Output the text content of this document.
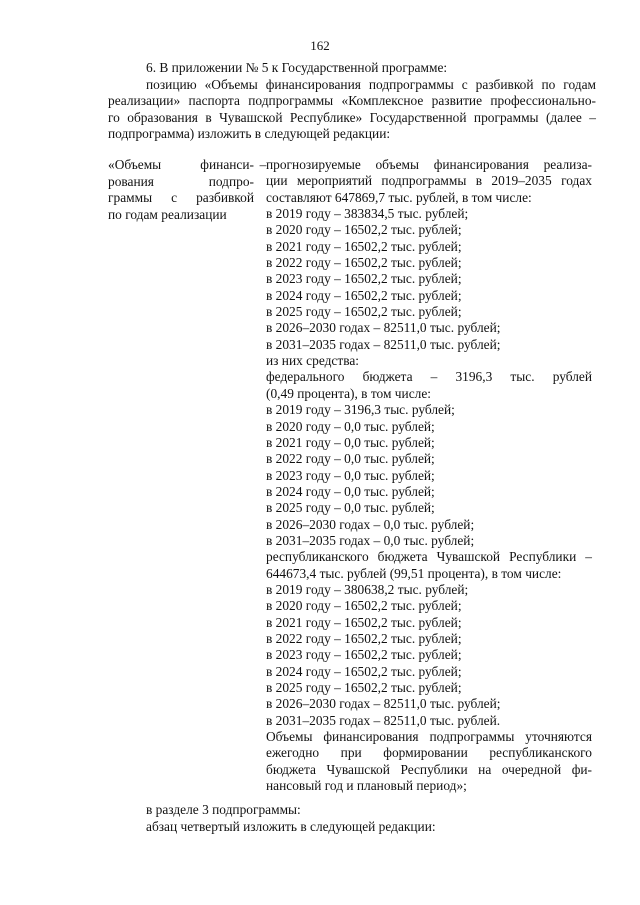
162

6. В приложении № 5 к Государственной программе:

позицию «Объемы финансирования подпрограммы с разбивкой по годам

реализации» паспорта подпрограммы «Комплексное развитие профессионально-

го образования в Чувашской Республике» Государственной программы (далее –

подпрограмма) изложить в следующей редакции:

«Объемы финанси-
рования подпро-
граммы с разбивкой
по годам реализации
– прогнозируемые объемы финансирования реализа-
ции мероприятий подпрограммы в 2019–2035 годах
составляют 647869,7 тыс. рублей, в том числе:
в 2019 году – 383834,5 тыс. рублей;
в 2020 году – 16502,2 тыс. рублей;
в 2021 году – 16502,2 тыс. рублей;
в 2022 году – 16502,2 тыс. рублей;
в 2023 году – 16502,2 тыс. рублей;
в 2024 году – 16502,2 тыс. рублей;
в 2025 году – 16502,2 тыс. рублей;
в 2026–2030 годах – 82511,0 тыс. рублей;
в 2031–2035 годах – 82511,0 тыс. рублей;
из них средства:
федерального бюджета – 3196,3 тыс. рублей
(0,49 процента), в том числе:
в 2019 году – 3196,3 тыс. рублей;
в 2020 году – 0,0 тыс. рублей;
в 2021 году – 0,0 тыс. рублей;
в 2022 году – 0,0 тыс. рублей;
в 2023 году – 0,0 тыс. рублей;
в 2024 году – 0,0 тыс. рублей;
в 2025 году – 0,0 тыс. рублей;
в 2026–2030 годах – 0,0 тыс. рублей;
в 2031–2035 годах – 0,0 тыс. рублей;
республиканского бюджета Чувашской Республики –
644673,4 тыс. рублей (99,51 процента), в том числе:
в 2019 году – 380638,2 тыс. рублей;
в 2020 году – 16502,2 тыс. рублей;
в 2021 году – 16502,2 тыс. рублей;
в 2022 году – 16502,2 тыс. рублей;
в 2023 году – 16502,2 тыс. рублей;
в 2024 году – 16502,2 тыс. рублей;
в 2025 году – 16502,2 тыс. рублей;
в 2026–2030 годах – 82511,0 тыс. рублей;
в 2031–2035 годах – 82511,0 тыс. рублей.
Объемы финансирования подпрограммы уточняются
ежегодно при формировании республиканского
бюджета Чувашской Республики на очередной фи-
нансовый год и плановый период»;

в разделе 3 подпрограммы:

абзац четвертый изложить в следующей редакции:
